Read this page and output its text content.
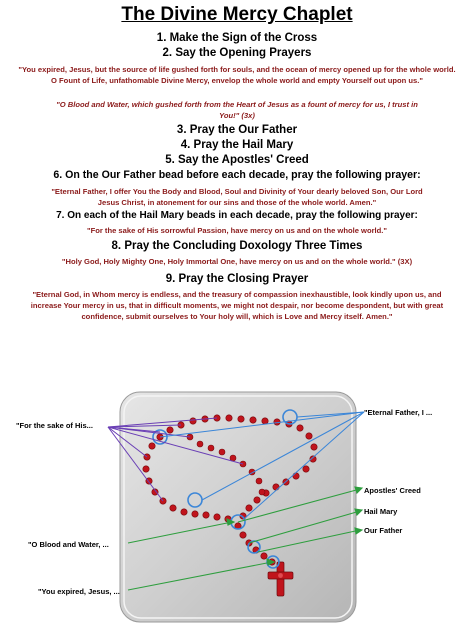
The Divine Mercy Chaplet
1. Make the Sign of the Cross
2. Say the Opening Prayers
"You expired, Jesus, but the source of life gushed forth for souls, and the ocean of mercy opened up for the whole world. O Fount of Life, unfathomable Divine Mercy, envelop the whole world and empty Yourself out upon us."
"O Blood and Water, which gushed forth from the Heart of Jesus as a fount of mercy for us, I trust in You!" (3x)
3. Pray the Our Father
4. Pray the Hail Mary
5. Say the Apostles' Creed
6. On the Our Father bead before each decade, pray the following prayer:
"Eternal Father, I offer You the Body and Blood, Soul and Divinity of Your dearly beloved Son, Our Lord Jesus Christ, in atonement for our sins and those of the whole world. Amen."
7. On each of the Hail Mary beads in each decade, pray the following prayer:
"For the sake of His sorrowful Passion, have mercy on us and on the whole world."
8. Pray the Concluding Doxology Three Times
"Holy God, Holy Mighty One, Holy Immortal One, have mercy on us and on the whole world." (3X)
9. Pray the Closing Prayer
"Eternal God, in Whom mercy is endless, and the treasury of compassion inexhaustible, look kindly upon us, and increase Your mercy in us, that in difficult moments, we might not despair, nor become despondent, but with great confidence, submit ourselves to Your holy will, which is Love and Mercy itself. Amen."
"For the sake of His...
"Eternal Father, I ...
Apostles' Creed
Hail Mary
Our Father
"O Blood and Water, ...
"You expired, Jesus, ...
